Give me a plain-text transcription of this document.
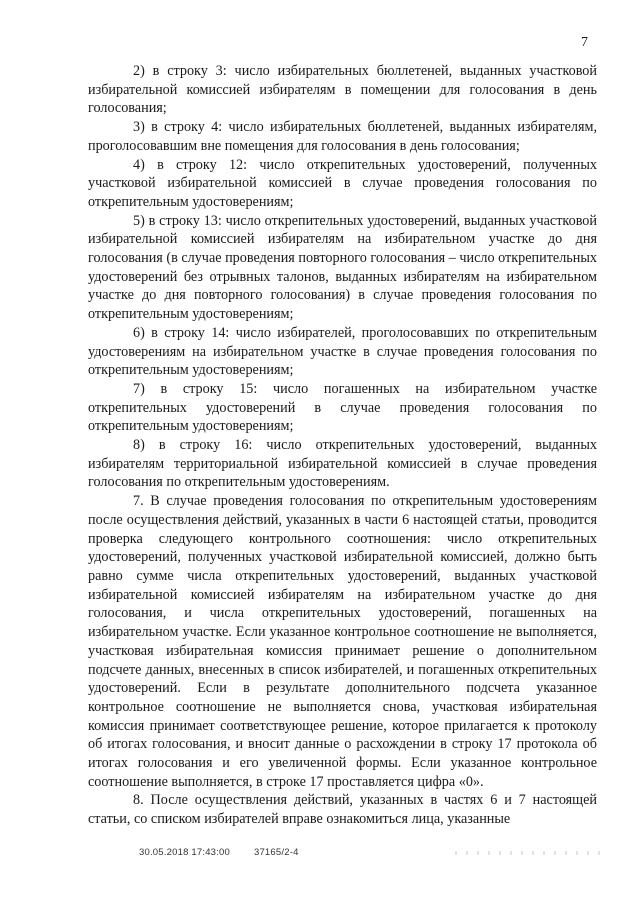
7

2) в строку 3: число избирательных бюллетеней, выданных участковой избирательной комиссией избирателям в помещении для голосования в день голосования;

3) в строку 4: число избирательных бюллетеней, выданных избирателям, проголосовавшим вне помещения для голосования в день голосования;

4) в строку 12: число открепительных удостоверений, полученных участковой избирательной комиссией в случае проведения голосования по открепительным удостоверениям;

5) в строку 13: число открепительных удостоверений, выданных участковой избирательной комиссией избирателям на избирательном участке до дня голосования (в случае проведения повторного голосования – число открепительных удостоверений без отрывных талонов, выданных избирателям на избирательном участке до дня повторного голосования) в случае проведения голосования по открепительным удостоверениям;

6) в строку 14: число избирателей, проголосовавших по открепительным удостоверениям на избирательном участке в случае проведения голосования по открепительным удостоверениям;

7) в строку 15: число погашенных на избирательном участке открепительных удостоверений в случае проведения голосования по открепительным удостоверениям;

8) в строку 16: число открепительных удостоверений, выданных избирателям территориальной избирательной комиссией в случае проведения голосования по открепительным удостоверениям.

7. В случае проведения голосования по открепительным удостоверениям после осуществления действий, указанных в части 6 настоящей статьи, проводится проверка следующего контрольного соотношения: число открепительных удостоверений, полученных участковой избирательной комиссией, должно быть равно сумме числа открепительных удостоверений, выданных участковой избирательной комиссией избирателям на избирательном участке до дня голосования, и числа открепительных удостоверений, погашенных на избирательном участке. Если указанное контрольное соотношение не выполняется, участковая избирательная комиссия принимает решение о дополнительном подсчете данных, внесенных в список избирателей, и погашенных открепительных удостоверений. Если в результате дополнительного подсчета указанное контрольное соотношение не выполняется снова, участковая избирательная комиссия принимает соответствующее решение, которое прилагается к протоколу об итогах голосования, и вносит данные о расхождении в строку 17 протокола об итогах голосования и его увеличенной формы. Если указанное контрольное соотношение выполняется, в строке 17 проставляется цифра «0».

8. После осуществления действий, указанных в частях 6 и 7 настоящей статьи, со списком избирателей вправе ознакомиться лица, указанные

30.05.2018 17:43:00	37165/2-4
